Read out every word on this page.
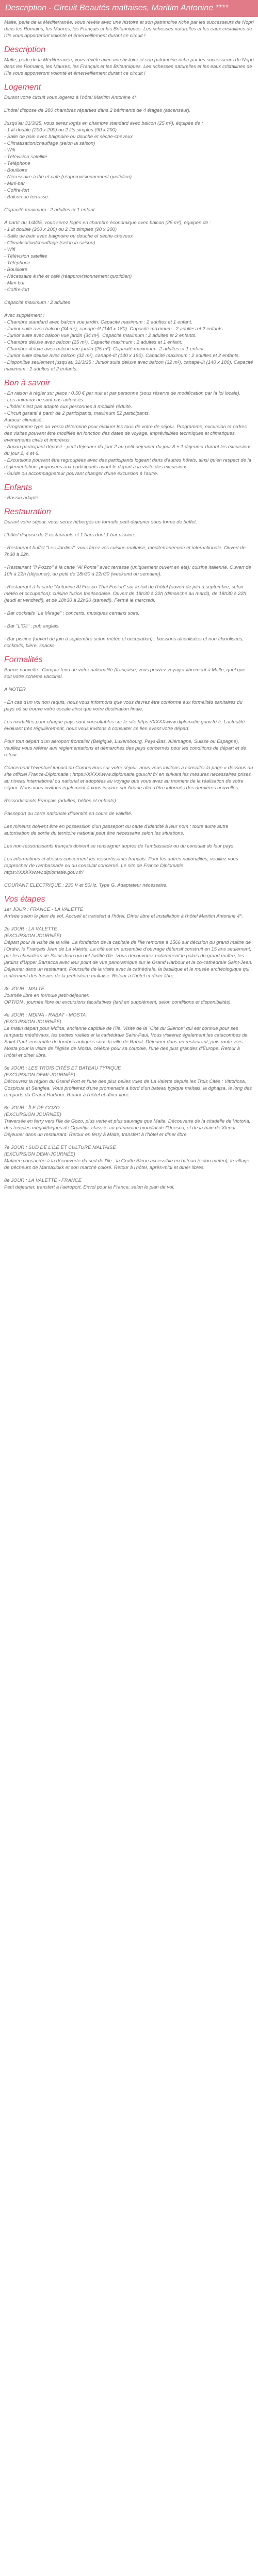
Description - Circuit Beautés maltaises, Maritim Antonine ****

Malte, perle de la Méditerranée, vous révèle avec une histoire et son patrimoine riche par les successeurs de Nopri dans les Romains, les Maures, les Français et les Britanniques. Les richesses naturelles et les eaux cristallines de l'île vous apporteront volonté et émerveillement durant ce circuit !

Description

Malte, perle de la Méditerranée, vous révèle avec une histoire et son patrimoine riche par les successeurs de Nopri dans les Romains, les Maures, les Français et les Britanniques. Les richesses naturelles et les eaux cristallines de l'île vous apporteront volonté et émerveillement durant ce circuit !

Logement

Durant votre circuit vous logerez à l'hôtel Maritim Antonine 4*.

L'hôtel dispose de 280 chambres réparties dans 2 bâtiments de 4 étages (ascenseur).

Jusqu'au 31/3/25, vous serez logés en chambre standard avec balcon (25 m²), équipée de :

- 1 lit double (200 x 200) ou 2 lits simples (90 x 200)
- Salle de bain avec baignoire ou douche et sèche-cheveux
- Climatisation/chauffage (selon la saison)
- Wifi
- Télévision satellite
- Téléphone
- Bouilloire
- Nécessaire à thé et café (réapprovisionnement quotidien)
- Mini-bar
- Coffre-fort
- Balcon ou terrasse.

Capacité maximum : 2 adultes et 1 enfant.

À partir du 1/4/25, vous serez logés en chambre économique avec balcon (25 m²), équipée de :

- 1 lit double (200 x 200) ou 2 lits simples (90 x 200)
- Salle de bain avec baignoire ou douche et sèche-cheveux
- Climatisation/chauffage (selon la saison)
- Wifi
- Télévision satellite
- Téléphone
- Bouilloire
- Nécessaire à thé et café (réapprovisionnement quotidien)
- Mini-bar
- Coffre-fort

Capacité maximum : 2 adultes

Avec supplément :

- Chambre standard avec balcon vue jardin. Capacité maximum : 2 adultes et 1 enfant.
- Junior suite avec balcon (34 m²), canapé-lit (140 x 180). Capacité maximum : 2 adultes et 2 enfants.
- Junior suite avec balcon vue jardin (34 m²). Capacité maximum : 2 adultes et 2 enfants.
- Chambre deluxe avec balcon (25 m²). Capacité maximum : 2 adultes et 1 enfant.
- Chambre deluxe avec balcon vue jardin (25 m²). Capacité maximum : 2 adultes et 1 enfant.
- Junior suite deluxe avec balcon (32 m²), canapé-lit (140 x 180). Capacité maximum : 2 adultes et 2 enfants.
- Disponible seulement jusqu'au 31/3/25 : Junior suite deluxe avec balcon (32 m²), canapé-lit (140 x 180). Capacité maximum : 2 adultes et 2 enfants.
Bon à savoir
- En raison à régler sur place : 0,50 € par nuit et par personne (sous réserve de modification par la loi locale).
- Les animaux ne sont pas autorisés.
- L'hôtel n'est pas adapté aux personnes à mobilité réduite.
- Circuit garanti à partir de 2 participants, maximum 52 participants.
Autocar climatisé.
- Programme type au verso déterminé pour évoluer les tous de votre de séjour. Programme, excursion et ordres des visites pouvant être modifiés en fonction des dates de voyage, imprévisibles techniques et climatiques, événements civils et imprévus.
- Aucun participant déposé - petit déjeuner du jour 2 au petit déjeuner du jour 8 + 1 déjeuner durant les excursions du jour 2, 4 et 6.
- Excursions pouvant être regroupées avec des participants logeant dans d'autres hôtels, ainsi qu'en respect de la réglementation, proposées aux participants ayant le départ à la visite des excursions.
- Guide ou accompagnateur pouvant changer d'une excursion à l'autre.
Enfants

- Bassin adapté.

Restauration

Durant votre séjour, vous serez hébergés en formule petit-déjeuner sous forme de buffet.

L'hôtel dispose de 2 restaurants et 1 bars dont 1 bar piscine.

- Restaurant buffet "Les Jardins": vous ferez vos cuisine maltaise, méditerranéenne et internationale. Ouvert de 7h30 à 22h.

- Restaurant "Il Pozzo" à la carte "Al Ponte" avec terrasse (uniquement ouvert en été): cuisine italienne. Ouvert de 10h à 22h (déjeuner), du petit de 18h30 à 22h30 (weekend ou semaine).

- Restaurant à la carte "Antonine Al Fresco Thai Fusion" sur le toit de l'hôtel (ouvert de juin à septembre, selon météo et occupation): cuisine fusion thaïlandaise. Ouvert de 18h30 à 22h (dimanche au mardi), de 18h30 à 22h (jeudi et vendredi), et de 18h30 à 22h30 (samedi). Fermé le mercredi.

- Bar cocktails "Le Mirage" : concerts, musiques certains soirs.

- Bar "L'Oli" : pub anglais.

- Bar piscine (ouvert de juin à septembre selon météo et occupation) : boissons alcoolisées et non alcoolisées, cocktails, bière, snacks.

Formalités

Bonne nouvelle : Compte tenu de votre nationalité (française, vous pouvez voyager librement à Malte, quel que soit votre schéma vaccinal.

A NOTER

- En cas d'un voi non requis, nous vous informons que vous devrez être conforme aux formalités sanitaires du pays où se trouve votre escale ainsi que votre destination finale.

Les modalités pour chaque pays sont consultables sur le site https://XXXXwww.diplomatie.gouv.fr/ fr. Lactualité évoluant très régulièrement, nous vous invitons à consulter ce lien avant votre départ.

Pour tout départ d'un aéroport frontalier (Belgique, Luxembourg, Pays-Bas, Allemagne, Suisse ou Espagne), veuillez vous référer aux réglementations et démarches des pays concernés pour les conditions de départ et de retour.

Concernant l'éventuel impact du Coronavirus sur votre séjour, nous vous invitons à consulter la page « dessous du site officiel France-Diplomatie : https://XXXXwww.diplomatie.gouv.fr/ fr/ en suivant les mesures nécessaires prises au niveau international ou national et adoptées au voyage que vous avez au moment de la réalisation de votre séjour. Nous vous invitons également à vous inscrire sur Ariane afin d'être informés des dernières nouvelles.

Ressortissants Français (adultes, bébés et enfants) :

Passeport ou carte nationale d'identité en cours de validité.

Les mineurs doivent être en possession d'un passeport ou carte d'identité à leur nom ; toute autre autre autorisation de sortie du territoire national peut être nécessaire selon les situations.

Les non-ressortissants français doivent se renseigner auprès de l'ambassade ou du consulat de leur pays.

Les informations ci-dessus concernent les ressortissants français. Pour les autres nationalités, veuillez vous rapprocher de l'ambassade ou du consulat concerné. Le site de France Diplomatie https://XXXXwww.diplomatie.gouv.fr/

COURANT ELECTRIQUE : 230 V et 50Hz. Type G. Adaptateur nécessaire.

Vos étapes

1er JOUR : FRANCE - LA VALETTE

Arrivée selon le plan de vol. Accueil et transfert à l'hôtel. Dîner libre et installation à l'hôtel Maritim Antonine 4*.

2e JOUR : LA VALETTE

(EXCURSION JOURNÉE)
Départ pour la visite de la ville. La fondation de la capitale de l'île remonte à 1566 sur décision du grand maître de l'Ordre, le Français Jean de La Valette. La cité est un ensemble d'ouvrage défensif construit en 15 ans seulement, par les chevaliers de Saint-Jean qui ont fortifié l'île. Vous découvrirez notamment le palais du grand maître, les jardins d'Upper Barracca avec leur point de vue panoramique sur le Grand Harbour et la co-cathédrale Saint-Jean. Déjeuner dans un restaurant. Poursuite de la visite avec la cathédrale, la basilique et le musée archéologique qui renferment des trésors de la préhistoire maltaise. Retour à l'hôtel et dîner libre.

3e JOUR : MALTE

Journée libre en formule petit-déjeuner.
OPTION : journée libre ou excursions facultatives (tarif en supplément, selon conditions et disponibilités).

4e JOUR : MDINA - RABAT - MOSTA

(EXCURSION JOURNÉE)
Le matin départ pour Mdina, ancienne capitale de l'île. Visite de la "Cité du Silence" qui est connue pour ses remparts médiévaux, les petites ruelles et la cathédrale Saint-Paul. Vous visiterez également les catacombes de Saint-Paul, ensemble de tombes antiques sous la ville de Rabat. Déjeuner dans un restaurant, puis route vers Mosta pour la visite de l'église de Mosta, célèbre pour sa coupole, l'une des plus grandes d'Europe. Retour à l'hôtel et dîner libre.

5e JOUR : LES TROIS CITÉS ET BATEAU TYPIQUE

(EXCURSION DEMI-JOURNÉE)
Découvrez la région du Grand Port et l'une des plus belles vues de La Valette depuis les Trois Cités : Vittoriosa, Cospicua et Senglea. Vous profiterez d'une promenade à bord d'un bateau typique maltais, la dghajsa, le long des remparts du Grand Harbour. Retour à l'hôtel et dîner libre.

6e JOUR : ÎLE DE GOZO

(EXCURSION JOURNÉE)
Traversée en ferry vers l'île de Gozo, plus verte et plus sauvage que Malte. Découverte de la citadelle de Victoria, des temples mégalithiques de Ggantija, classés au patrimoine mondial de l'Unesco, et de la baie de Xlendi. Déjeuner dans un restaurant. Retour en ferry à Malte, transfert à l'hôtel et dîner libre.

7e JOUR : SUD DE L'ÎLE ET CULTURE MALTAISE

(EXCURSION DEMI-JOURNÉE)
Matinée consacrée à la découverte du sud de l'île : la Grotte Bleue accessible en bateau (selon météo), le village de pêcheurs de Marsaxlokk et son marché coloré. Retour à l'hôtel, après-midi et dîner libres.

8e JOUR : LA VALETTE - FRANCE

Petit déjeuner, transfert à l'aéroport. Envol pour la France, selon le plan de vol.
